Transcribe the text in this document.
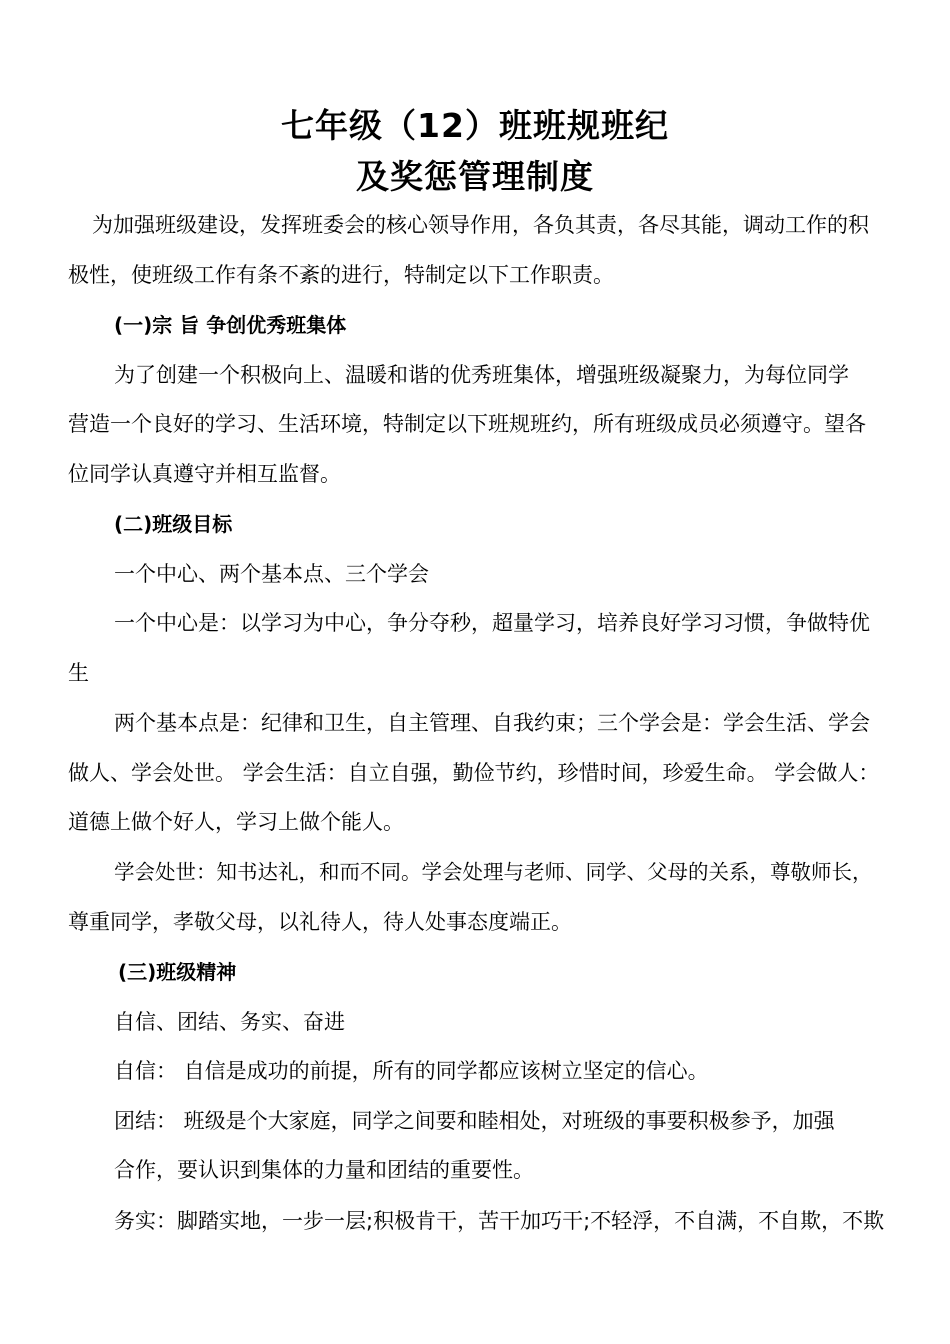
七年级（12）班班规班纪
及奖惩管理制度
为加强班级建设，发挥班委会的核心领导作用，各负其责，各尽其能，调动工作的积
极性，使班级工作有条不紊的进行，特制定以下工作职责。
(一)宗 旨 争创优秀班集体
为了创建一个积极向上、温暖和谐的优秀班集体，增强班级凝聚力，为每位同学
营造一个良好的学习、生活环境，特制定以下班规班约，所有班级成员必须遵守。望各
位同学认真遵守并相互监督。
(二)班级目标
一个中心、两个基本点、三个学会
一个中心是：以学习为中心，争分夺秒，超量学习，培养良好学习习惯，争做特优
生
两个基本点是：纪律和卫生，自主管理、自我约束；三个学会是：学会生活、学会
做人、学会处世。 学会生活：自立自强，勤俭节约，珍惜时间，珍爱生命。 学会做人：
道德上做个好人，学习上做个能人。
学会处世：知书达礼，和而不同。学会处理与老师、同学、父母的关系，尊敬师长，
尊重同学，孝敬父母，以礼待人，待人处事态度端正。
(三)班级精神
自信、团结、务实、奋进
自信： 自信是成功的前提，所有的同学都应该树立坚定的信心。
团结： 班级是个大家庭，同学之间要和睦相处，对班级的事要积极参予，加强
合作，要认识到集体的力量和团结的重要性。
务实：脚踏实地，一步一层;积极肯干，苦干加巧干;不轻浮，不自满，不自欺，不欺
